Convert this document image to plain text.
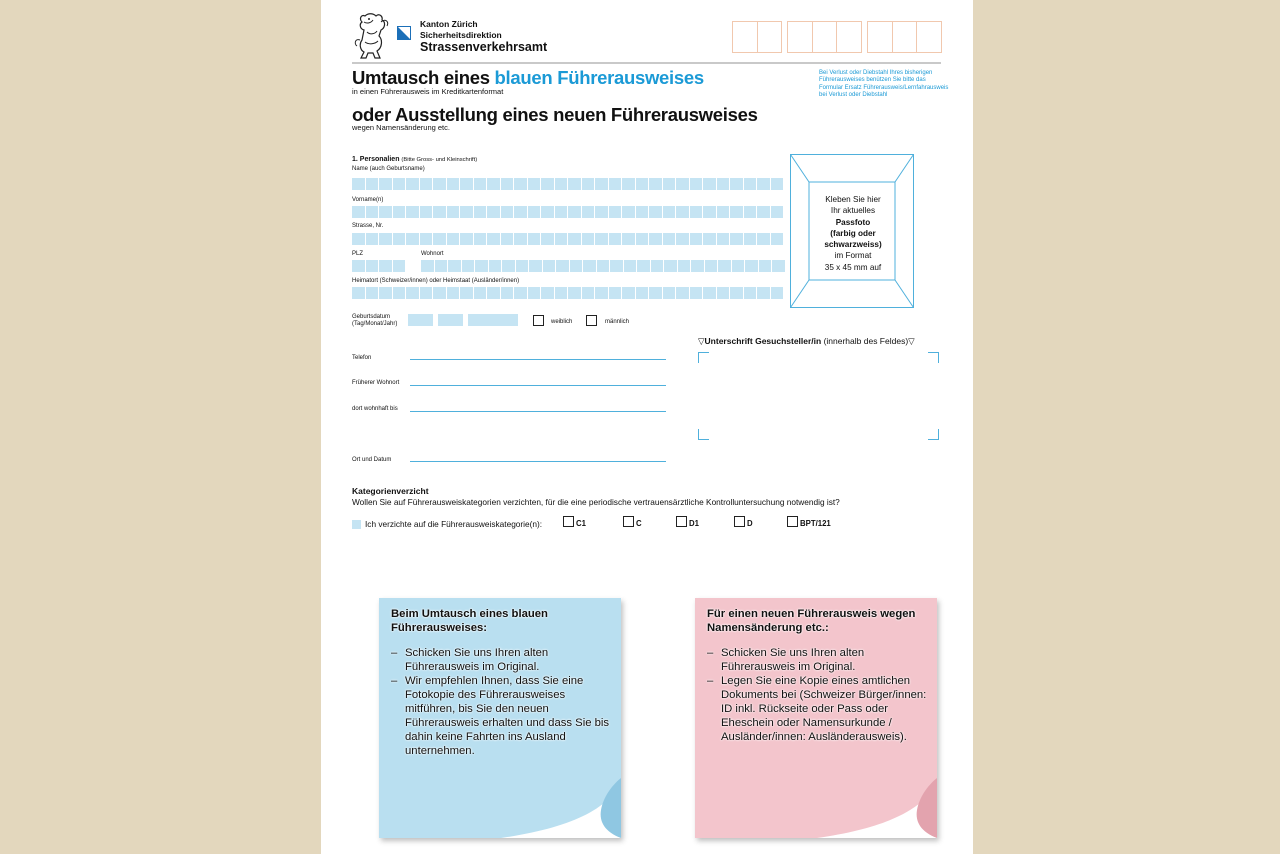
Kanton Zürich
Sicherheitsdirektion
Strassenverkehrsamt
Umtausch eines blauen Führerausweises
in einen Führerausweis im Kreditkartenformat
oder Ausstellung eines neuen Führerausweises
wegen Namensänderung etc.
Bei Verlust oder Diebstahl Ihres bisherigen Führerausweises benützen Sie bitte das Formular Ersatz Führerausweis/Lernfahrausweis bei Verlust oder Diebstahl
1. Personalien (Bitte Gross- und Kleinschrift)
Name (auch Geburtsname)
Vorname(n)
Strasse, Nr.
PLZ	Wohnort
Heimatort (Schweizer/innen) oder Heimstaat (Ausländer/innen)
Geburtsdatum
(Tag/Monat/Jahr)	weiblich	männlich
Telefon
Früherer Wohnort
dort wohnhaft bis
Ort und Datum
Kleben Sie hier
Ihr aktuelles
Passfoto
(farbig oder
schwarzweiss)
im Format
35 x 45 mm auf
▽Unterschrift Gesuchsteller/in (innerhalb des Feldes)▽
Kategorienverzicht
Wollen Sie auf Führerausweiskategorien verzichten, für die eine periodische vertrauensärztliche Kontrolluntersuchung notwendig ist?
Ich verzichte auf die Führerausweiskategorie(n):	C1	C	D1	D	BPT/121
Beim Umtausch eines blauen Führerausweises:
– Schicken Sie uns Ihren alten Führerausweis im Original.
– Wir empfehlen Ihnen, dass Sie eine Fotokopie des Führerausweises mitführen, bis Sie den neuen Führerausweis erhalten und dass Sie bis dahin keine Fahrten ins Ausland unternehmen.
Für einen neuen Führerausweis wegen Namensänderung etc.:
– Schicken Sie uns Ihren alten Führerausweis im Original.
– Legen Sie eine Kopie eines amtlichen Dokuments bei (Schweizer Bürger/innen: ID inkl. Rückseite oder Pass oder Eheschein oder Namensurkunde / Ausländer/innen: Ausländerausweis).
